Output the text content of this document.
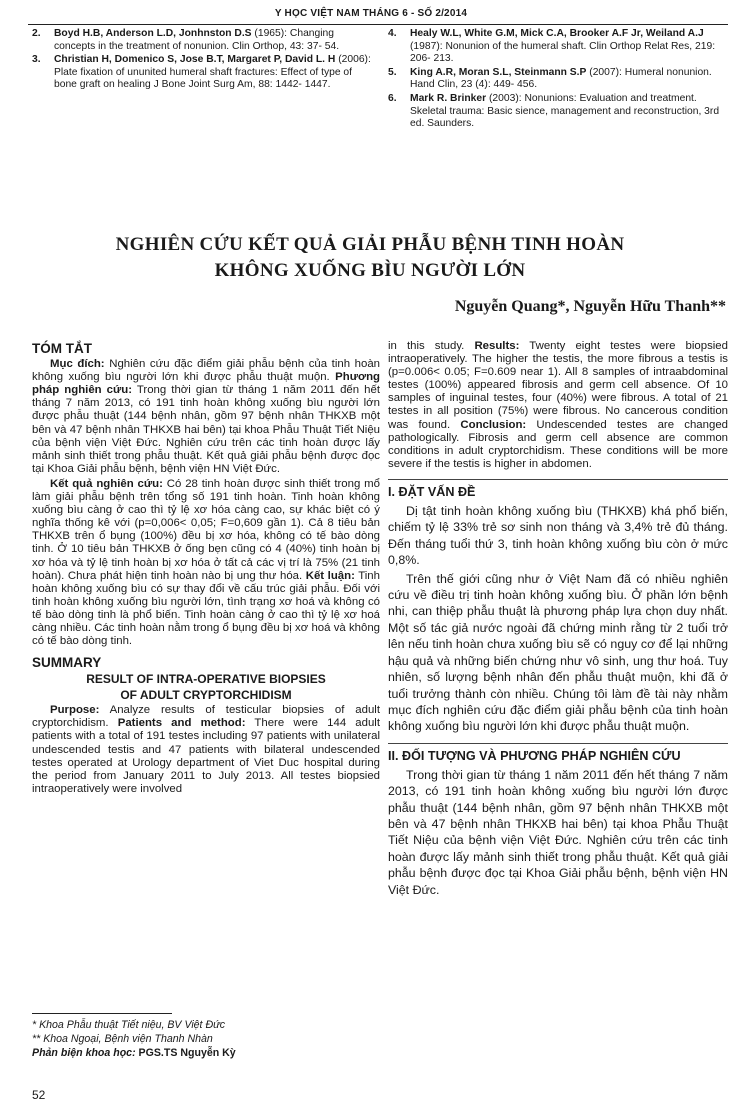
Y HỌC VIỆT NAM THÁNG 6 - SỐ 2/2014
2.	Boyd H.B, Anderson L.D, Jonhnston D.S (1965): Changing concepts in the treatment of nonunion. Clin Orthop, 43: 37- 54.
3.	Christian H, Domenico S, Jose B.T, Margaret P, David L. H (2006): Plate fixation of ununited humeral shaft fractures: Effect of type of bone graft on healing J Bone Joint Surg Am, 88: 1442- 1447.
4.	Healy W.L, White G.M, Mick C.A, Brooker A.F Jr, Weiland A.J (1987): Nonunion of the humeral shaft. Clin Orthop Relat Res, 219: 206- 213.
5.	King A.R, Moran S.L, Steinmann S.P (2007): Humeral nonunion. Hand Clin, 23 (4): 449- 456.
6.	Mark R. Brinker (2003): Nonunions: Evaluation and treatment. Skeletal trauma: Basic sience, management and reconstruction, 3rd ed. Saunders.
NGHIÊN CỨU KẾT QUẢ GIẢI PHẪU BỆNH TINH HOÀN
KHÔNG XUỐNG BÌU NGƯỜI LỚN
Nguyễn Quang*, Nguyễn Hữu Thanh**
TÓM TẮT

Mục đích: Nghiên cứu đặc điểm giải phẫu bệnh của tinh hoàn không xuống bìu người lớn khi được phẫu thuật muộn. Phương pháp nghiên cứu: Trong thời gian từ tháng 1 năm 2011 đến hết tháng 7 năm 2013, có 191 tinh hoàn không xuống bìu người lớn được phẫu thuật (144 bệnh nhân, gồm 97 bệnh nhân THKXB một bên và 47 bệnh nhân THKXB hai bên) tại khoa Phẫu Thuật Tiết Niệu của bệnh viện Việt Đức. Nghiên cứu trên các tinh hoàn được lấy mảnh sinh thiết trong phẫu thuật. Kết quả giải phẫu bệnh được đọc tại Khoa Giải phẫu bệnh, bệnh viện HN Việt Đức.

Kết quả nghiên cứu: Có 28 tinh hoàn được sinh thiết trong mổ làm giải phẫu bệnh trên tổng số 191 tinh hoàn. Tinh hoàn không xuống bìu càng ở cao thì tỷ lệ xơ hóa càng cao, sự khác biệt có ý nghĩa thống kê với (p=0,006< 0,05; F=0,609 gần 1). Cả 8 tiêu bản THKXB trên ổ bụng (100%) đều bị xơ hóa, không có tế bào dòng tinh. Ở 10 tiêu bản THKXB ở ống bẹn cũng có 4 (40%) tinh hoàn bị xơ hóa và tỷ lệ tinh hoàn bị xơ hóa ở tất cả các vị trí là 75% (21 tinh hoàn). Chưa phát hiện tinh hoàn nào bị ung thư hóa. Kết luận: Tinh hoàn không xuống bìu có sự thay đổi về cấu trúc giải phẫu. Đối với tinh hoàn không xuống bìu người lớn, tình trạng xơ hoá và không có tế bào dòng tinh là phổ biến. Tinh hoàn càng ở cao thì tỷ lệ xơ hoá càng nhiều. Các tinh hoàn nằm trong ổ bụng đều bị xơ hoá và không có tế bào dòng tinh.

SUMMARY
RESULT OF INTRA-OPERATIVE BIOPSIES
OF ADULT CRYPTORCHIDISM

Purpose: Analyze results of testicular biopsies of adult cryptorchidism. Patients and method: There were 144 adult patients with a total of 191 testes including 97 patients with unilateral undescended testis and 47 patients with bilateral undescended testes operated at Urology department of Viet Duc hospital during the period from January 2011 to July 2013. All testes biopsied intraoperatively were involved

in this study. Results: Twenty eight testes were biopsied intraoperatively. The higher the testis, the more fibrous a testis is (p=0.006< 0.05; F=0.609 near 1). All 8 samples of intraabdominal testes (100%) appeared fibrosis and germ cell absence. Of 10 samples of inguinal testes, four (40%) were fibrous. A total of 21 testes in all position (75%) were fibrous. No cancerous condition was found. Conclusion: Undescended testes are changed pathologically. Fibrosis and germ cell absence are common conditions in adult cryptorchidism. These conditions will be more severe if the testis is higher in abdomen.

I. ĐẶT VẤN ĐỀ

Dị tật tinh hoàn không xuống bìu (THKXB) khá phổ biến, chiếm tỷ lệ 33% trẻ sơ sinh non tháng và 3,4% trẻ đủ tháng. Đến tháng tuổi thứ 3, tinh hoàn không xuống bìu còn ở mức 0,8%.

Trên thế giới cũng như ở Việt Nam đã có nhiều nghiên cứu về điều trị tinh hoàn không xuống bìu. Ở phần lớn bệnh nhi, can thiệp phẫu thuật là phương pháp lựa chọn duy nhất. Một số tác giả nước ngoài đã chứng minh rằng từ 2 tuổi trở lên nếu tinh hoàn chưa xuống bìu sẽ có nguy cơ để lại những hậu quả và những biến chứng như vô sinh, ung thư hoá. Tuy nhiên, số lượng bệnh nhân đến phẫu thuật muộn, khi đã ở tuổi trưởng thành còn nhiều. Chúng tôi làm đề tài này nhằm mục đích nghiên cứu đặc điểm giải phẫu bệnh của tinh hoàn không xuống bìu người lớn khi được phẫu thuật muộn.

II. ĐỐI TƯỢNG VÀ PHƯƠNG PHÁP NGHIÊN CỨU

Trong thời gian từ tháng 1 năm 2011 đến hết tháng 7 năm 2013, có 191 tinh hoàn không xuống bìu người lớn được phẫu thuật (144 bệnh nhân, gồm 97 bệnh nhân THKXB một bên và 47 bệnh nhân THKXB hai bên) tại khoa Phẫu Thuật Tiết Niệu của bệnh viện Việt Đức. Nghiên cứu trên các tinh hoàn được lấy mảnh sinh thiết trong phẫu thuật. Kết quả giải phẫu bệnh được đọc tại Khoa Giải phẫu bệnh, bệnh viện HN Việt Đức.

* Khoa Phẫu thuật Tiết niệu, BV Việt Đức
** Khoa Ngoại, Bệnh viện Thanh Nhàn
Phản biện khoa học: PGS.TS Nguyễn Kỳ
52
